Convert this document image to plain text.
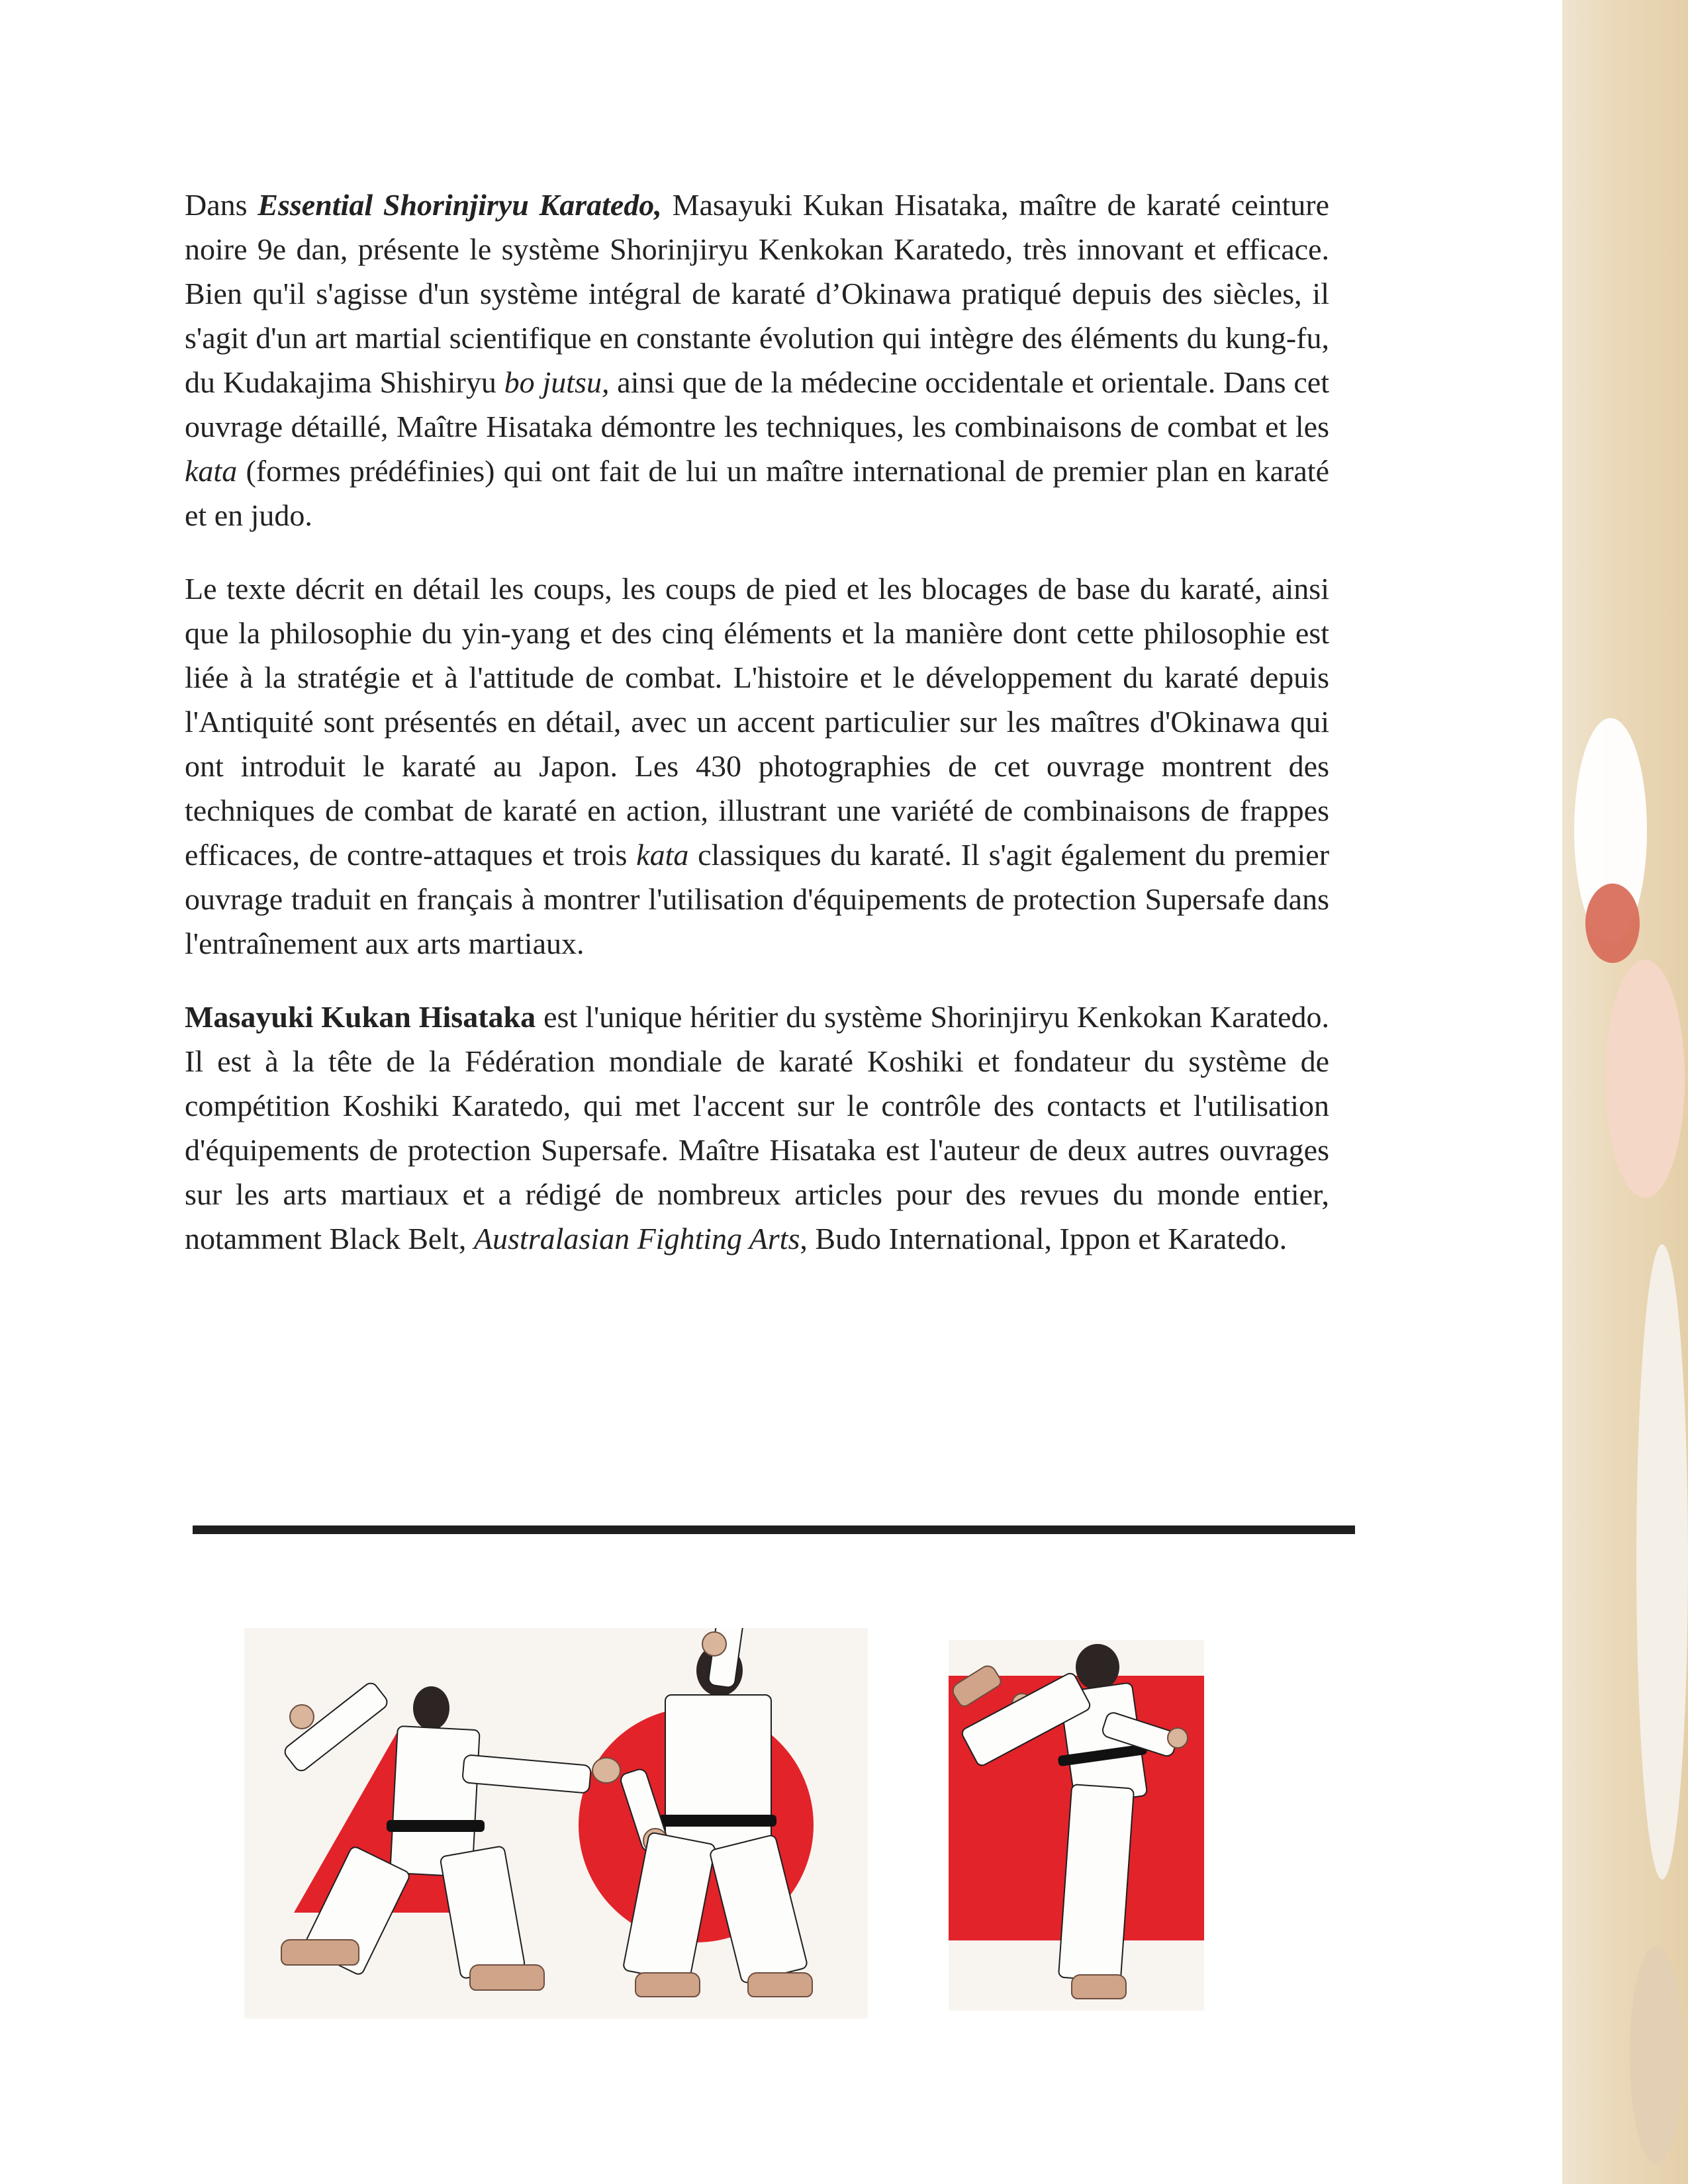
Dans Essential Shorinjiryu Karatedo, Masayuki Kukan Hisataka, maître de karaté ceinture noire 9e dan, présente le système Shorinjiryu Kenkokan Karatedo, très innovant et efficace. Bien qu'il s'agisse d'un système intégral de karaté d’Okinawa pratiqué depuis des siècles, il s'agit d'un art martial scientifique en constante évolution qui intègre des éléments du kung-fu, du Kudakajima Shishiryu bo jutsu, ainsi que de la médecine occidentale et orientale. Dans cet ouvrage détaillé, Maître Hisataka démontre les techniques, les combinaisons de combat et les kata (formes prédéfinies) qui ont fait de lui un maître international de premier plan en karaté et en judo.

Le texte décrit en détail les coups, les coups de pied et les blocages de base du karaté, ainsi que la philosophie du yin-yang et des cinq éléments et la manière dont cette philosophie est liée à la stratégie et à l'attitude de combat. L'histoire et le développement du karaté depuis l'Antiquité sont présentés en détail, avec un accent particulier sur les maîtres d'Okinawa qui ont introduit le karaté au Japon. Les 430 photographies de cet ouvrage montrent des techniques de combat de karaté en action, illustrant une variété de combinaisons de frappes efficaces, de contre-attaques et trois kata classiques du karaté. Il s'agit également du premier ouvrage traduit en français à montrer l'utilisation d'équipements de protection Supersafe dans l'entraînement aux arts martiaux.

Masayuki Kukan Hisataka est l'unique héritier du système Shorinjiryu Kenkokan Karatedo. Il est à la tête de la Fédération mondiale de karaté Koshiki et fondateur du système de compétition Koshiki Karatedo, qui met l'accent sur le contrôle des contacts et l'utilisation d'équipements de protection Supersafe. Maître Hisataka est l'auteur de deux autres ouvrages sur les arts martiaux et a rédigé de nombreux articles pour des revues du monde entier, notamment Black Belt, Australasian Fighting Arts, Budo International, Ippon et Karatedo.
